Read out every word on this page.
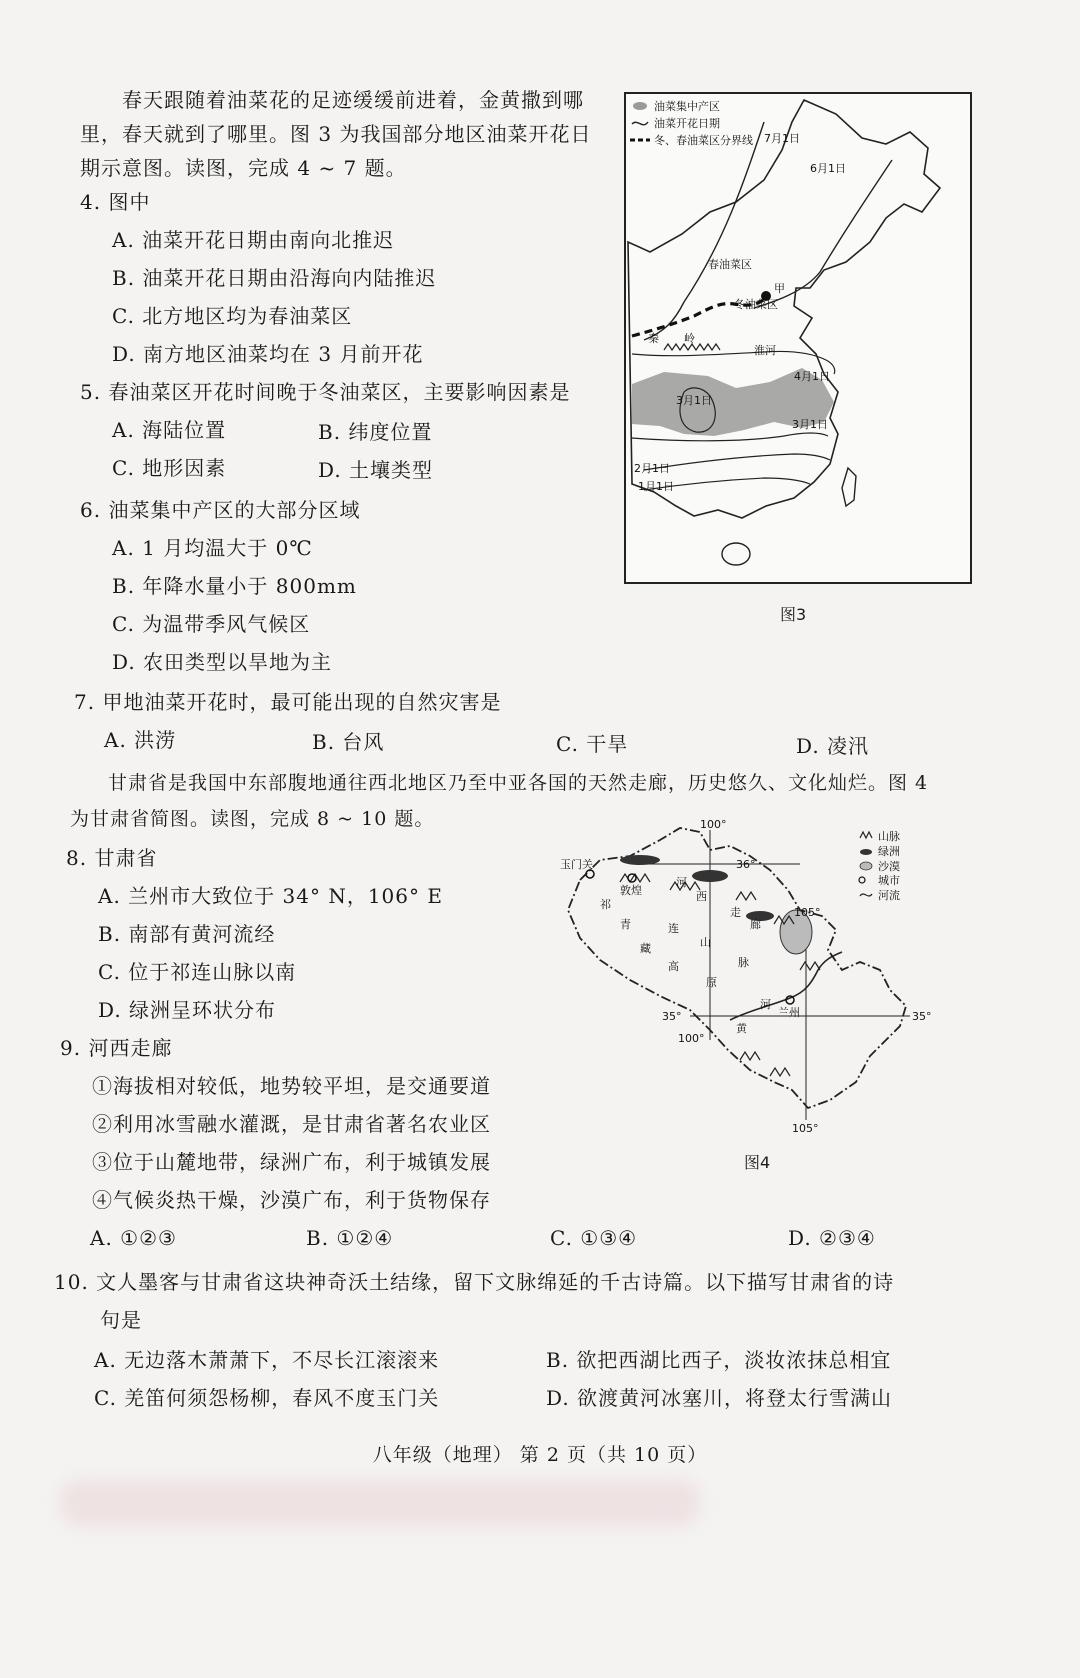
春天跟随着油菜花的足迹缓缓前进着，金黄撒到哪
里，春天就到了哪里。图 3 为我国部分地区油菜开花日
期示意图。读图，完成 4 ~ 7 题。
4. 图中
A. 油菜开花日期由南向北推迟
B. 油菜开花日期由沿海向内陆推迟
C. 北方地区均为春油菜区
D. 南方地区油菜均在 3 月前开花
5. 春油菜区开花时间晚于冬油菜区，主要影响因素是
A. 海陆位置	B. 纬度位置
C. 地形因素	D. 土壤类型
6. 油菜集中产区的大部分区域
A. 1 月均温大于 0℃
B. 年降水量小于 800mm
C. 为温带季风气候区
D. 农田类型以旱地为主
7. 甲地油菜开花时，最可能出现的自然灾害是
A. 洪涝	B. 台风	C. 干旱	D. 凌汛
甘肃省是我国中东部腹地通往西北地区乃至中亚各国的天然走廊，历史悠久、文化灿烂。图 4
为甘肃省简图。读图，完成 8 ~ 10 题。
8. 甘肃省
A. 兰州市大致位于 34° N，106° E
B. 南部有黄河流经
C. 位于祁连山脉以南
D. 绿洲呈环状分布
9. 河西走廊
①海拔相对较低，地势较平坦，是交通要道
②利用冰雪融水灌溉，是甘肃省著名农业区
③位于山麓地带，绿洲广布，利于城镇发展
④气候炎热干燥，沙漠广布，利于货物保存
A. ①②③	B. ①②④	C. ①③④	D. ②③④
10. 文人墨客与甘肃省这块神奇沃土结缘，留下文脉绵延的千古诗篇。以下描写甘肃省的诗
句是
A. 无边落木萧萧下，不尽长江滚滚来	B. 欲把西湖比西子，淡妆浓抹总相宜
C. 羌笛何须怨杨柳，春风不度玉门关	D. 欲渡黄河冰塞川，将登太行雪满山
八年级（地理） 第 2 页（共 10 页）
油菜集中产区
油菜开花日期
冬、春油菜区分界线 7月1日
6月1日
春油菜区
甲
冬油菜区
秦 岭
淮河
4月1日
3月1日
3月1日
2月1日
1月1日
图3
山脉
绿洲
沙漠
城市
河流
玉门关
敦煌
100°
36°
河
西
走
廊
祁
连
山
脉
青
藏
高
原
105°
35°
100°
黄
河
兰州	35°
105°
图4
